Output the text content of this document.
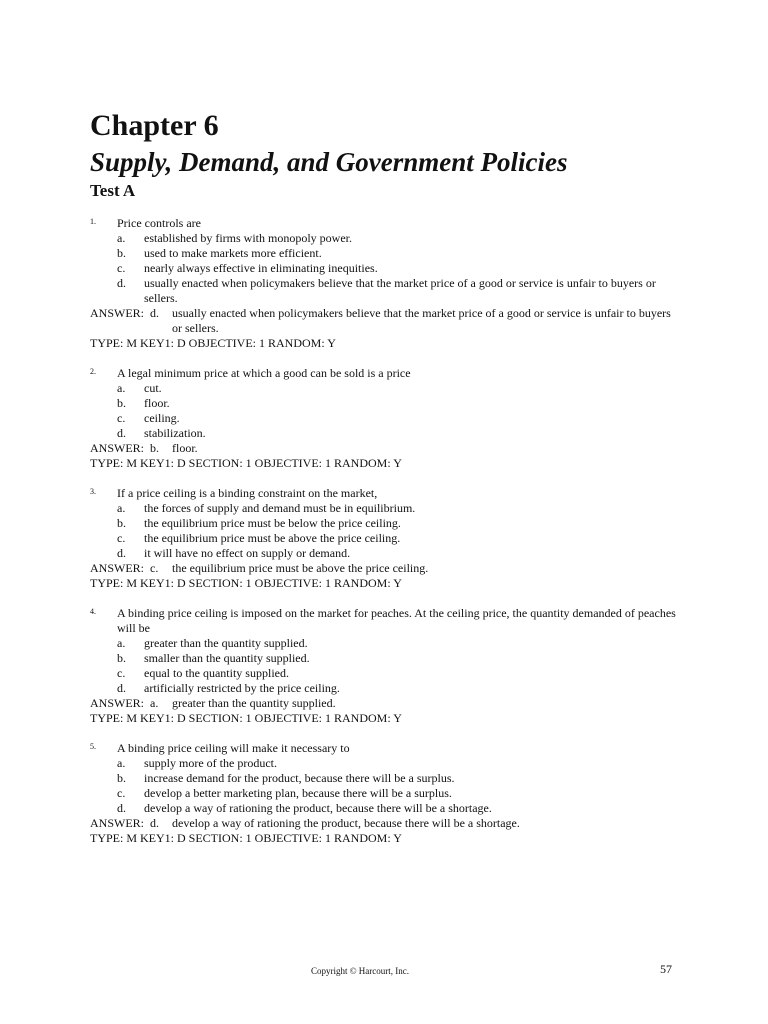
Chapter 6
Supply, Demand, and Government Policies
Test A
1. Price controls are
a. established by firms with monopoly power.
b. used to make markets more efficient.
c. nearly always effective in eliminating inequities.
d. usually enacted when policymakers believe that the market price of a good or service is unfair to buyers or sellers.
ANSWER: d. usually enacted when policymakers believe that the market price of a good or service is unfair to buyers or sellers.
TYPE: M KEY1: D OBJECTIVE: 1 RANDOM: Y
2. A legal minimum price at which a good can be sold is a price
a. cut.
b. floor.
c. ceiling.
d. stabilization.
ANSWER: b. floor.
TYPE: M KEY1: D SECTION: 1 OBJECTIVE: 1 RANDOM: Y
3. If a price ceiling is a binding constraint on the market,
a. the forces of supply and demand must be in equilibrium.
b. the equilibrium price must be below the price ceiling.
c. the equilibrium price must be above the price ceiling.
d. it will have no effect on supply or demand.
ANSWER: c. the equilibrium price must be above the price ceiling.
TYPE: M KEY1: D SECTION: 1 OBJECTIVE: 1 RANDOM: Y
4. A binding price ceiling is imposed on the market for peaches. At the ceiling price, the quantity demanded of peaches will be
a. greater than the quantity supplied.
b. smaller than the quantity supplied.
c. equal to the quantity supplied.
d. artificially restricted by the price ceiling.
ANSWER: a. greater than the quantity supplied.
TYPE: M KEY1: D SECTION: 1 OBJECTIVE: 1 RANDOM: Y
5. A binding price ceiling will make it necessary to
a. supply more of the product.
b. increase demand for the product, because there will be a surplus.
c. develop a better marketing plan, because there will be a surplus.
d. develop a way of rationing the product, because there will be a shortage.
ANSWER: d. develop a way of rationing the product, because there will be a shortage.
TYPE: M KEY1: D SECTION: 1 OBJECTIVE: 1 RANDOM: Y
Copyright © Harcourt, Inc.	57
